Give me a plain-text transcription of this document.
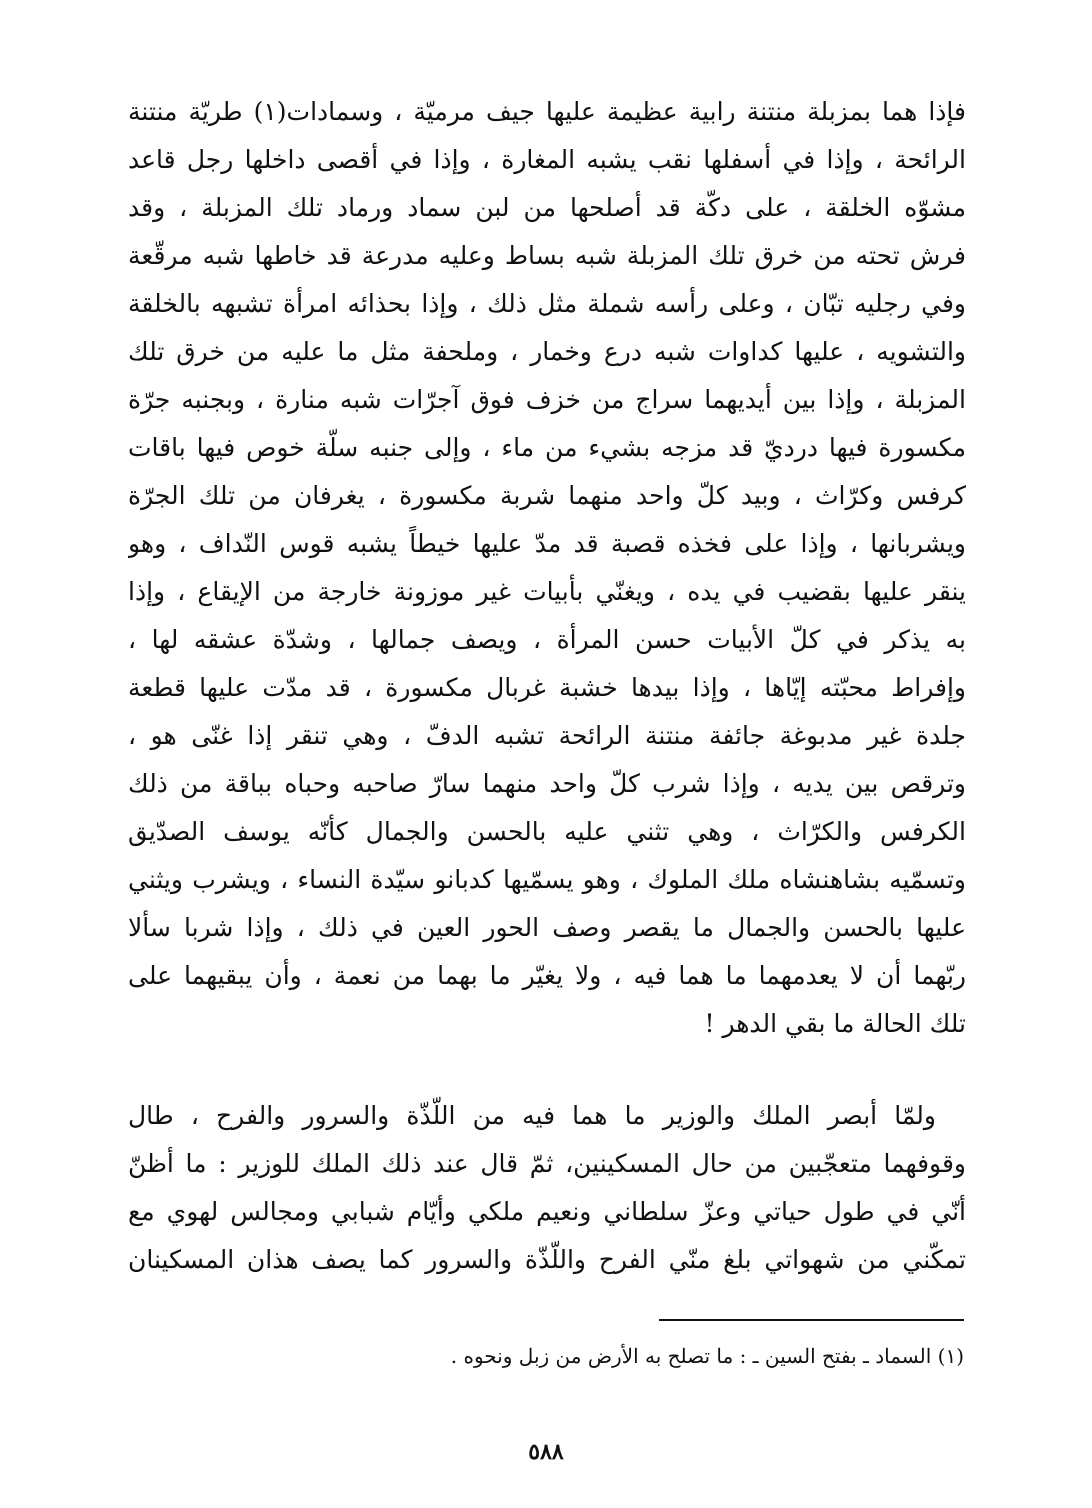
فإذا هما بمزبلة منتنة رابية عظيمة عليها جيف مرميّة ، وسمادات(١) طريّة منتنة
الرائحة ، وإذا في أسفلها نقب يشبه المغارة ، وإذا في أقصى داخلها رجل قاعد
مشوّه الخلقة ، على دكّة قد أصلحها من لبن سماد ورماد تلك المزبلة ، وقد
فرش تحته من خرق تلك المزبلة شبه بساط وعليه مدرعة قد خاطها شبه مرقّعة
وفي رجليه تبّان ، وعلى رأسه شملة مثل ذلك ، وإذا بحذائه امرأة تشبهه بالخلقة
والتشويه ، عليها كداوات شبه درع وخمار ، وملحفة مثل ما عليه من خرق تلك
المزبلة ، وإذا بين أيديهما سراج من خزف فوق آجرّات شبه منارة ، وبجنبه جرّة
مكسورة فيها درديّ قد مزجه بشيء من ماء ، وإلى جنبه سلّة خوص فيها باقات
كرفس وكرّاث ، وبيد كلّ واحد منهما شربة مكسورة ، يغرفان من تلك الجرّة
ويشربانها ، وإذا على فخذه قصبة قد مدّ عليها خيطاً يشبه قوس النّداف ، وهو
ينقر عليها بقضيب في يده ، ويغنّي بأبيات غير موزونة خارجة من الإيقاع ، وإذا
به يذكر في كلّ الأبيات حسن المرأة ، ويصف جمالها ، وشدّة عشقه لها ،
وإفراط محبّته إيّاها ، وإذا بيدها خشبة غربال مكسورة ، قد مدّت عليها قطعة
جلدة غير مدبوغة جائفة منتنة الرائحة تشبه الدفّ ، وهي تنقر إذا غنّى هو ،
وترقص بين يديه ، وإذا شرب كلّ واحد منهما سارّ صاحبه وحباه بباقة من ذلك
الكرفس والكرّاث ، وهي تثني عليه بالحسن والجمال كأنّه يوسف الصدّيق
وتسمّيه بشاهنشاه ملك الملوك ، وهو يسمّيها كدبانو سيّدة النساء ، ويشرب ويثني
عليها بالحسن والجمال ما يقصر وصف الحور العين في ذلك ، وإذا شربا سألا
ربّهما أن لا يعدمهما ما هما فيه ، ولا يغيّر ما بهما من نعمة ، وأن يبقيهما على
تلك الحالة ما بقي الدهر !
ولمّا أبصر الملك والوزير ما هما فيه من اللّذّة والسرور والفرح ، طال
وقوفهما متعجّبين من حال المسكينين، ثمّ قال عند ذلك الملك للوزير : ما أظنّ
أنّي في طول حياتي وعزّ سلطاني ونعيم ملكي وأيّام شبابي ومجالس لهوي مع
تمكّني من شهواتي بلغ منّي الفرح واللّذّة والسرور كما يصف هذان المسكينان
(١) السماد ـ بفتح السين ـ : ما تصلح به الأرض من زبل ونحوه .
٥٨٨
